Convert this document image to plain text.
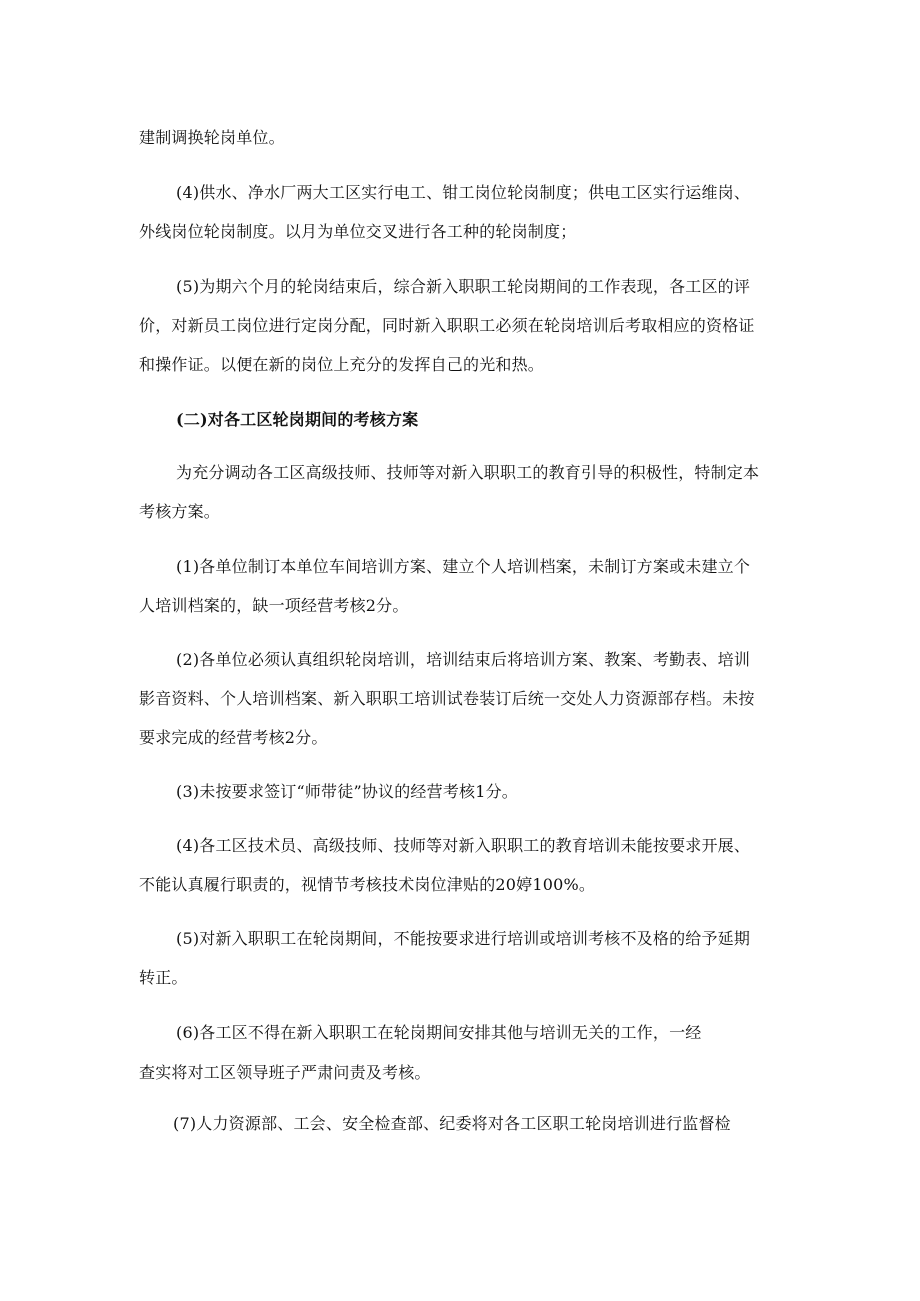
建制调换轮岗单位。

(4)供水、净水厂两大工区实行电工、钳工岗位轮岗制度；供电工区实行运维岗、

外线岗位轮岗制度。以月为单位交叉进行各工种的轮岗制度；

(5)为期六个月的轮岗结束后，综合新入职职工轮岗期间的工作表现，各工区的评

价，对新员工岗位进行定岗分配，同时新入职职工必须在轮岗培训后考取相应的资格证

和操作证。以便在新的岗位上充分的发挥自己的光和热。

(二)对各工区轮岗期间的考核方案

为充分调动各工区高级技师、技师等对新入职职工的教育引导的积极性，特制定本

考核方案。

(1)各单位制订本单位车间培训方案、建立个人培训档案，未制订方案或未建立个

人培训档案的，缺一项经营考核2分。

(2)各单位必须认真组织轮岗培训，培训结束后将培训方案、教案、考勤表、培训

影音资料、个人培训档案、新入职职工培训试卷装订后统一交处人力资源部存档。未按

要求完成的经营考核2分。

(3)未按要求签订“师带徒”协议的经营考核1分。

(4)各工区技术员、高级技师、技师等对新入职职工的教育培训未能按要求开展、

不能认真履行职责的，视情节考核技术岗位津贴的20婷100%。

(5)对新入职职工在轮岗期间，不能按要求进行培训或培训考核不及格的给予延期

转正。

(6)各工区不得在新入职职工在轮岗期间安排其他与培训无关的工作，一经

查实将对工区领导班子严肃问责及考核。

(7)人力资源部、工会、安全检查部、纪委将对各工区职工轮岗培训进行监督检
